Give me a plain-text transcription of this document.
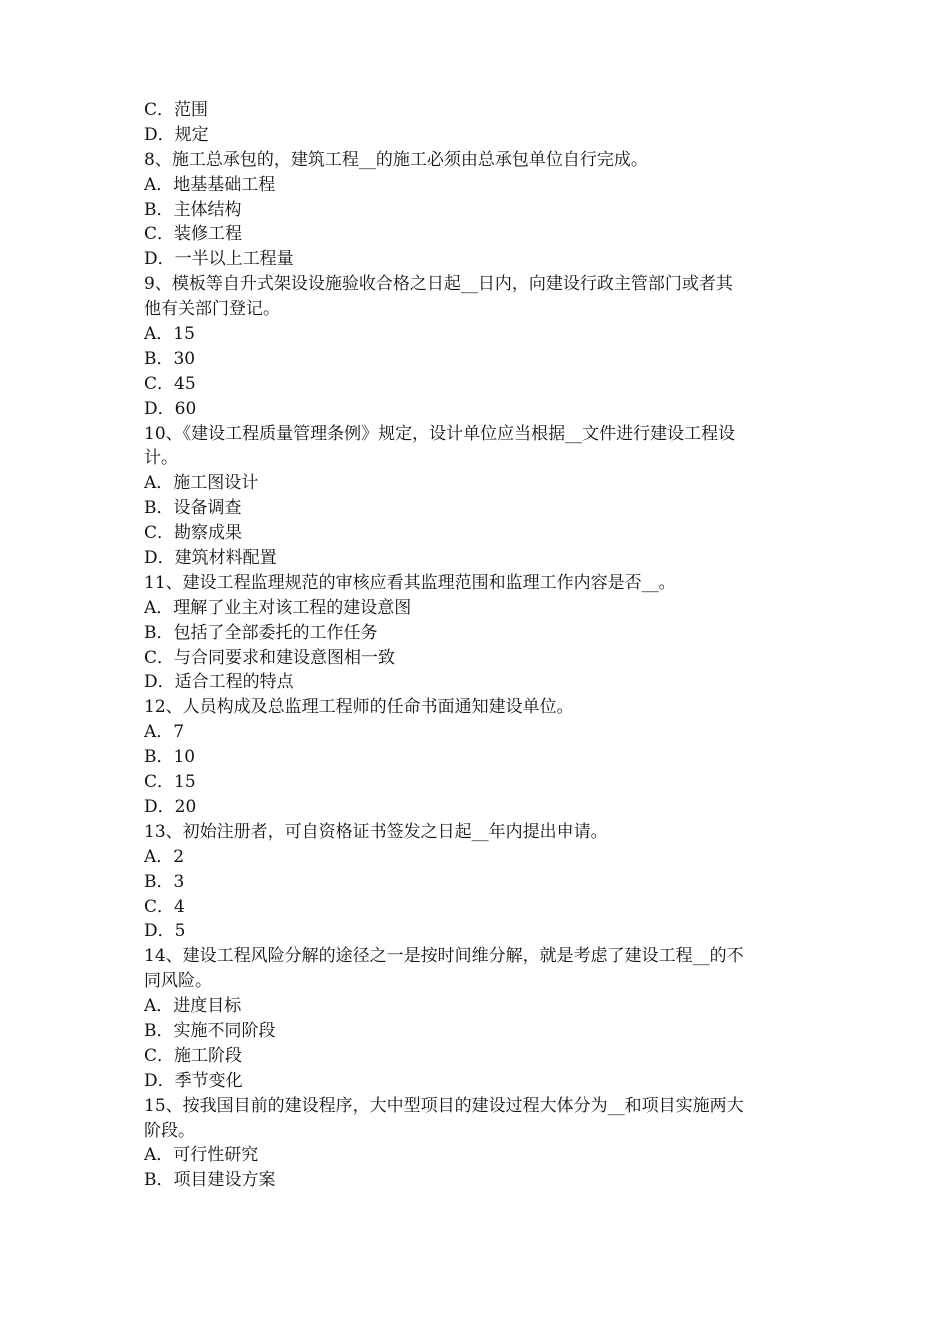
C．范围
D．规定
8、施工总承包的，建筑工程__的施工必须由总承包单位自行完成。
A．地基基础工程
B．主体结构
C．装修工程
D．一半以上工程量
9、模板等自升式架设设施验收合格之日起__日内，向建设行政主管部门或者其
他有关部门登记。
A．15
B．30
C．45
D．60
10、《建设工程质量管理条例》规定，设计单位应当根据__文件进行建设工程设
计。
A．施工图设计
B．设备调查
C．勘察成果
D．建筑材料配置
11、建设工程监理规范的审核应看其监理范围和监理工作内容是否__。
A．理解了业主对该工程的建设意图
B．包括了全部委托的工作任务
C．与合同要求和建设意图相一致
D．适合工程的特点
12、人员构成及总监理工程师的任命书面通知建设单位。
A．7
B．10
C．15
D．20
13、初始注册者，可自资格证书签发之日起__年内提出申请。
A．2
B．3
C．4
D．5
14、建设工程风险分解的途径之一是按时间维分解，就是考虑了建设工程__的不
同风险。
A．进度目标
B．实施不同阶段
C．施工阶段
D．季节变化
15、按我国目前的建设程序，大中型项目的建设过程大体分为__和项目实施两大
阶段。
A．可行性研究
B．项目建设方案
